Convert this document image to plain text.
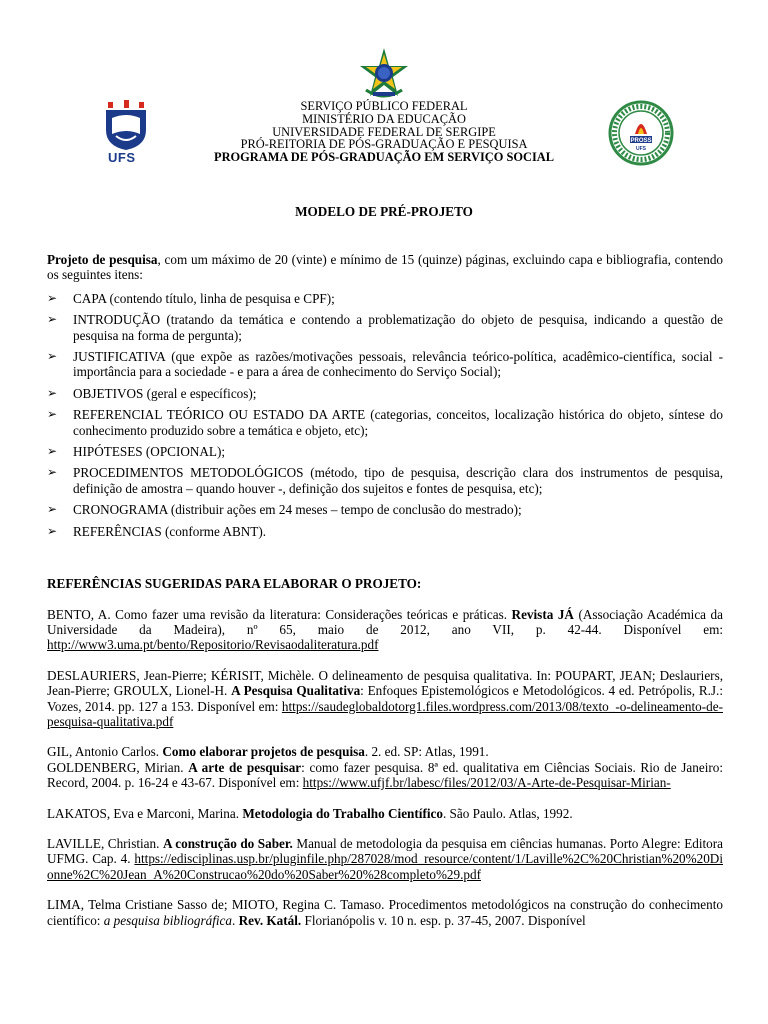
UFS
PROSS
UFS
SERVIÇO PÚBLICO FEDERAL
MINISTÉRIO DA EDUCAÇÃO
UNIVERSIDADE FEDERAL DE SERGIPE
PRÓ-REITORIA DE PÓS-GRADUAÇÃO E PESQUISA
PROGRAMA DE PÓS-GRADUAÇÃO EM SERVIÇO SOCIAL
MODELO DE PRÉ-PROJETO

Projeto de pesquisa, com um máximo de 20 (vinte) e mínimo de 15 (quinze) páginas, excluindo capa e bibliografia, contendo os seguintes itens:

➢ CAPA (contendo título, linha de pesquisa e CPF);
➢ INTRODUÇÃO (tratando da temática e contendo a problematização do objeto de pesquisa, indicando a questão de pesquisa na forma de pergunta);
➢ JUSTIFICATIVA (que expõe as razões/motivações pessoais, relevância teórico-política, acadêmico-científica, social - importância para a sociedade - e para a área de conhecimento do Serviço Social);
➢ OBJETIVOS (geral e específicos);
➢ REFERENCIAL TEÓRICO OU ESTADO DA ARTE (categorias, conceitos, localização histórica do objeto, síntese do conhecimento produzido sobre a temática e objeto, etc);
➢ HIPÓTESES (OPCIONAL);
➢ PROCEDIMENTOS METODOLÓGICOS (método, tipo de pesquisa, descrição clara dos instrumentos de pesquisa, definição de amostra – quando houver -, definição dos sujeitos e fontes de pesquisa, etc);
➢ CRONOGRAMA (distribuir ações em 24 meses – tempo de conclusão do mestrado);
➢ REFERÊNCIAS (conforme ABNT).

REFERÊNCIAS SUGERIDAS PARA ELABORAR O PROJETO:

BENTO, A. Como fazer uma revisão da literatura: Considerações teóricas e práticas. Revista JÁ (Associação Académica da Universidade da Madeira), nº 65, maio de 2012, ano VII, p. 42-44. Disponível em: http://www3.uma.pt/bento/Repositorio/Revisaodaliteratura.pdf

DESLAURIERS, Jean-Pierre; KÉRISIT, Michèle. O delineamento de pesquisa qualitativa. In: POUPART, JEAN; Deslauriers, Jean-Pierre; GROULX, Lionel-H. A Pesquisa Qualitativa: Enfoques Epistemológicos e Metodológicos. 4 ed. Petrópolis, R.J.: Vozes, 2014. pp. 127 a 153. Disponível em: https://saudeglobaldotorg1.files.wordpress.com/2013/08/texto_-o-delineamento-de-pesquisa-qualitativa.pdf

GIL, Antonio Carlos. Como elaborar projetos de pesquisa. 2. ed. SP: Atlas, 1991.

GOLDENBERG, Mirian. A arte de pesquisar: como fazer pesquisa. 8ª ed. qualitativa em Ciências Sociais. Rio de Janeiro: Record, 2004. p. 16-24 e 43-67. Disponível em: https://www.ufjf.br/labesc/files/2012/03/A-Arte-de-Pesquisar-Mirian-

LAKATOS, Eva e Marconi, Marina. Metodologia do Trabalho Científico. São Paulo. Atlas, 1992.

LAVILLE, Christian. A construção do Saber. Manual de metodologia da pesquisa em ciências humanas. Porto Alegre: Editora UFMG. Cap. 4. https://edisciplinas.usp.br/pluginfile.php/287028/mod_resource/content/1/Laville%2C%20Christian%20%20Dionne%2C%20Jean_A%20Construcao%20do%20Saber%20%28completo%29.pdf

LIMA, Telma Cristiane Sasso de; MIOTO, Regina C. Tamaso. Procedimentos metodológicos na construção do conhecimento científico: a pesquisa bibliográfica. Rev. Katál. Florianópolis v. 10 n. esp. p. 37-45, 2007. Disponível
